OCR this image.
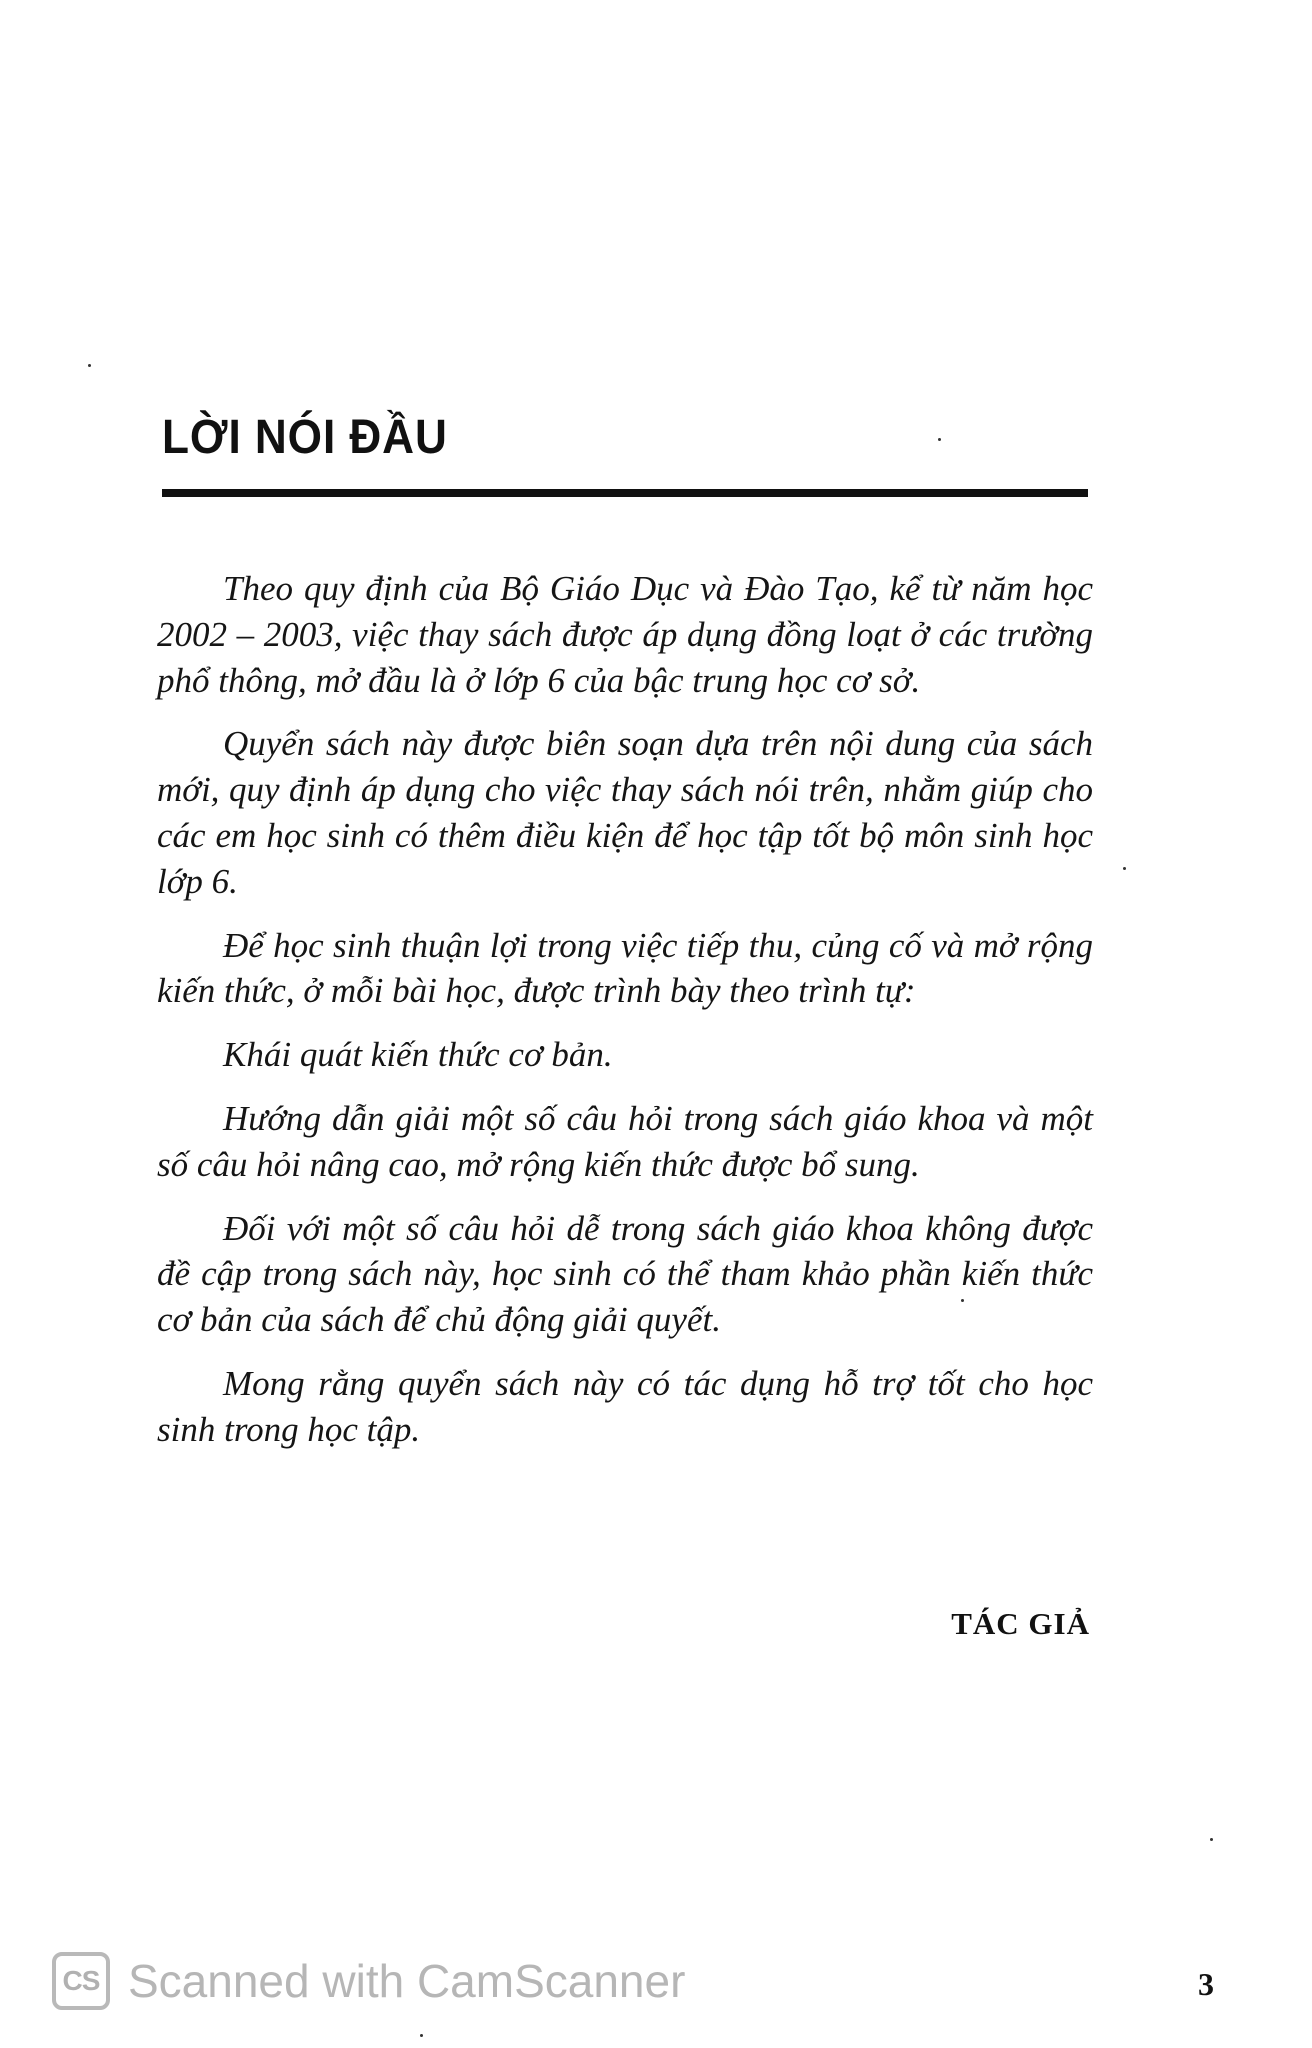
LỜI NÓI ĐẦU

Theo quy định của Bộ Giáo Dục và Đào Tạo, kể từ năm học 2002 – 2003, việc thay sách được áp dụng đồng loạt ở các trường phổ thông, mở đầu là ở lớp 6 của bậc trung học cơ sở.

Quyển sách này được biên soạn dựa trên nội dung của sách mới, quy định áp dụng cho việc thay sách nói trên, nhằm giúp cho các em học sinh có thêm điều kiện để học tập tốt bộ môn sinh học lớp 6.

Để học sinh thuận lợi trong việc tiếp thu, củng cố và mở rộng kiến thức, ở mỗi bài học, được trình bày theo trình tự:

Khái quát kiến thức cơ bản.

Hướng dẫn giải một số câu hỏi trong sách giáo khoa và một số câu hỏi nâng cao, mở rộng kiến thức được bổ sung.

Đối với một số câu hỏi dễ trong sách giáo khoa không được đề cập trong sách này, học sinh có thể tham khảo phần kiến thức cơ bản của sách để chủ động giải quyết.

Mong rằng quyển sách này có tác dụng hỗ trợ tốt cho học sinh trong học tập.

TÁC GIẢ
CS Scanned with CamScanner	3
